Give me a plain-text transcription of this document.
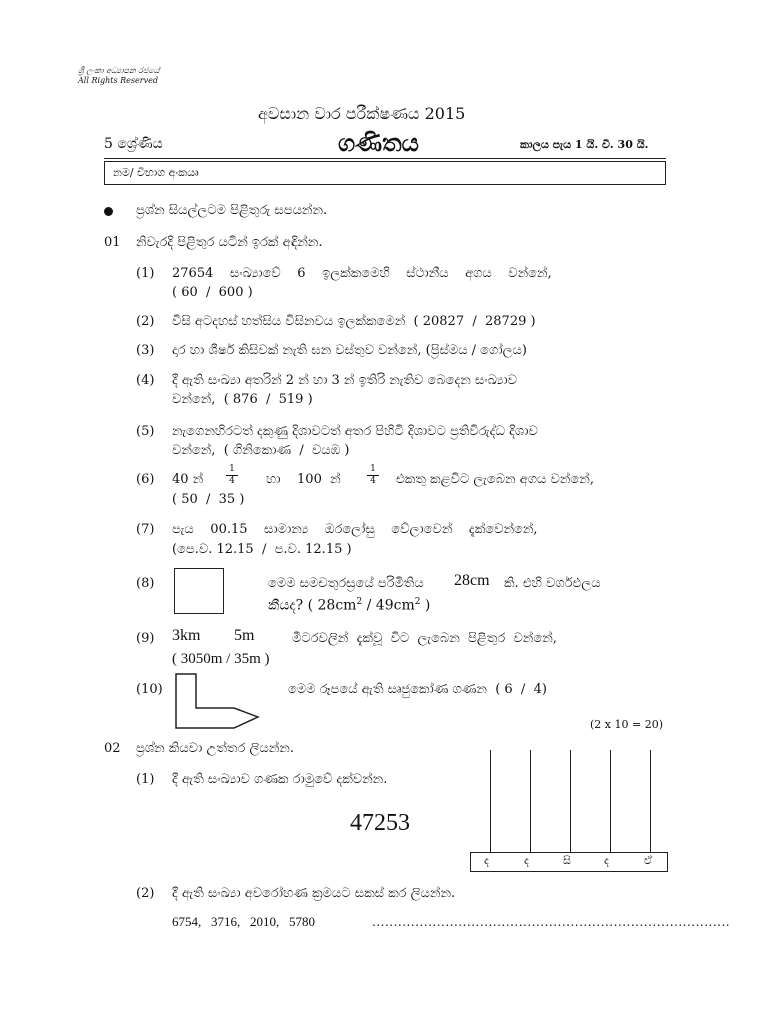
ශ්‍රී ලංකා අධ්‍යාපන රජයේ
All Rights Reserved
අවසාන වාර පරීක්ෂණය 2015
5 ශ්‍රේණිය	ගණිතය	කාලය පැය 1 යි. වි. 30 යි.
නම/ විභාග අංකයෘ
ප්‍රශ්න සියල්ලටම පිළිතුරු සපයන්න.
01 නිවැරදි පිළිතුර යටින් ඉරක් අඳින්න.
(1) 27654    සංඛ්‍යාවේ    6    ඉලක්කමෙහි    ස්ථානීය    අගය    වන්නේ,
( 60  /  600 )
(2) විසි අටදහස් හත්සිය විසිනවය ඉලක්කමෙන්  ( 20827  /  28729 )
(3) දාර හා ශීර්ෂ කිසිවක් නැති ඝන වස්තුව වන්නේ, (ප්‍රිස්මය / ගෝලය)
(4) දී ඇති සංඛ්‍යා අතරින් 2 න් හා 3 න් ඉතිරි නැතිව බෙදෙන සංඛ්‍යාව
වන්නේ,  ( 876  /  519 )
(5) නැගෙනහිරටත් දකුණු දිශාවටත් අතර පිහිටි දිශාවට ප්‍රතිවිරුද්ධ දිශාව
වන්නේ,  ( ගිනිකොණ  /  වයඹ )
(6) 40 න්	$\frac{1}{4}$ හා    100  න්	$\frac{1}{4}$ එකතු කළවිට ලැබෙන අගය වන්නේ,
( 50  /  35 )
(7) පැය    00.15    සාමාන්‍ය    ඔරලෝසු    වේලාවෙන්    දැක්වෙන්නේ,
(පෙ.ව. 12.15  /  ප.ව. 12.15 )
(8)	මෙම සමචතුරස්‍රයේ පරිමිතිය 28cm කි. එහි වර්ගඵලය
කීයද? ( $28cm^2 / 49cm^2$ )
(9) 3km 5m	මීටරවලින්  දැක්වූ  විට  ලැබෙන  පිළිතුර  වන්නේ,
( 3050m / 35m )
(10)	මෙම රූපයේ ඇති සෘජුකෝණ ගණන  ( 6  /  4)
(2 x 10 = 20)
02 ප්‍රශ්න කියවා උත්තර ලියන්න.
(1) දී ඇති සංඛ්‍යාව ගණක රාමුවේ දක්වන්න.
47253
ද	ද	සි	ද	ඒ
(2) දී ඇති සංඛ්‍යා අවරෝහණ ක්‍රමයට සකස් කර ලියන්න.
6754,   3716,   2010,   5780	...................................................................................
